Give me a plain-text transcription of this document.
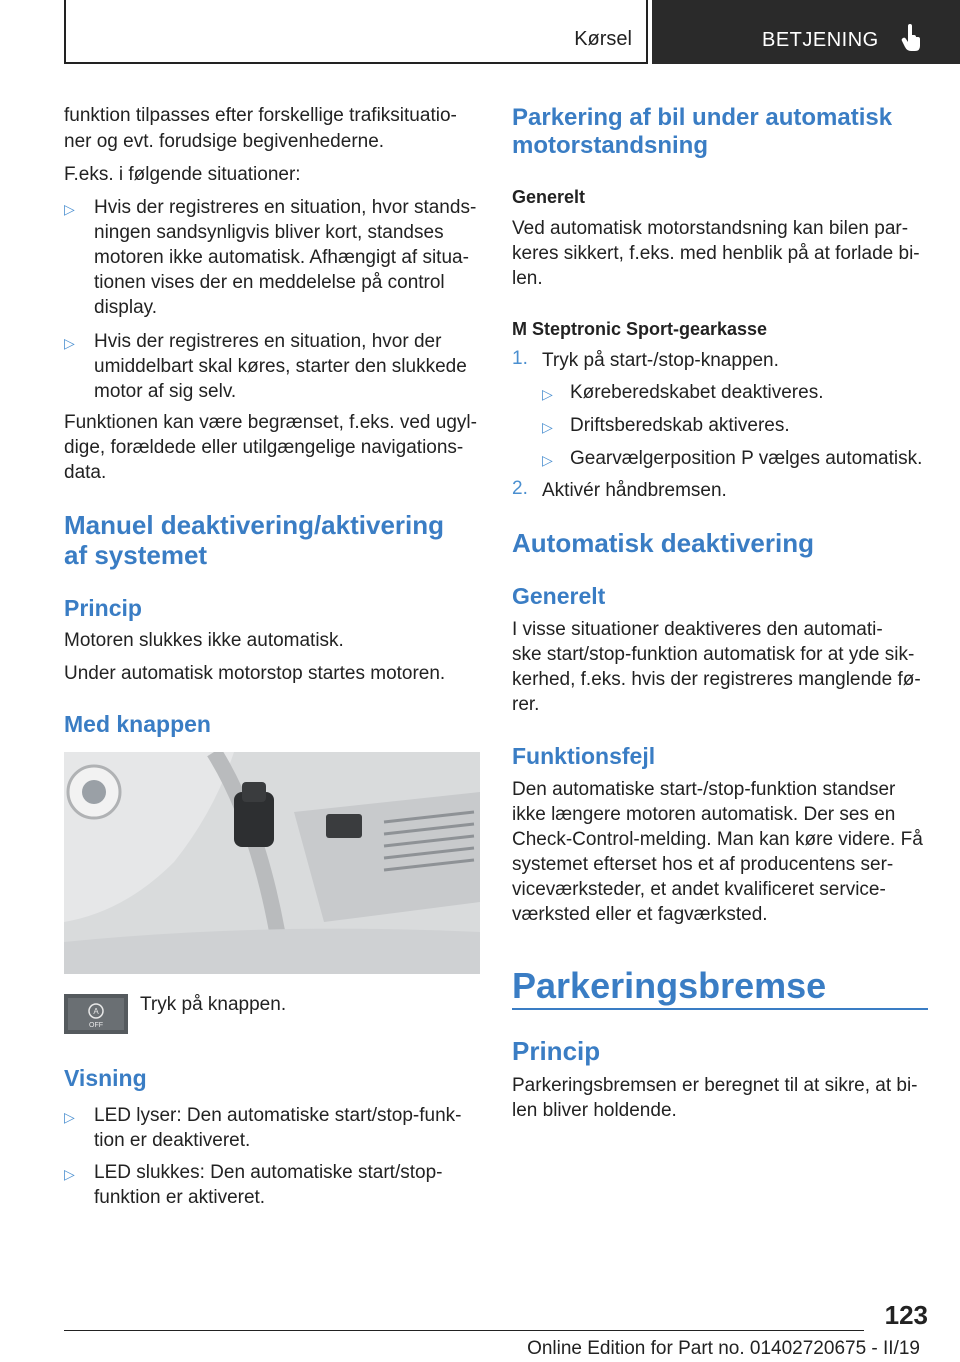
Kørsel	BETJENING

funktion tilpasses efter forskellige trafiksituatio-

ner og evt. forudsige begivenhederne.

F.eks. i følgende situationer:

▷ Hvis der registreres en situation, hvor stands-

ningen sandsynligvis bliver kort, standses

motoren ikke automatisk. Afhængigt af situa-

tionen vises der en meddelelse på control

display.

▷ Hvis der registreres en situation, hvor der

umiddelbart skal køres, starter den slukkede

motor af sig selv.

Funktionen kan være begrænset, f.eks. ved ugyl-

dige, forældede eller utilgængelige navigations-

data.

Manuel deaktivering/aktivering
af systemet
Princip

Motoren slukkes ikke automatisk.

Under automatisk motorstop startes motoren.

Med knappen

Tryk på knappen.

Visning
▷ LED lyser: Den automatiske start/stop-funk-

tion er deaktiveret.

▷ LED slukkes: Den automatiske start/stop-

funktion er aktiveret.

A
OFF
Parkering af bil under automatisk
motorstandsning
Generelt

Ved automatisk motorstandsning kan bilen par-

keres sikkert, f.eks. med henblik på at forlade bi-

len.

M Steptronic Sport-gearkasse
1. Tryk på start-/stop-knappen.

▷ Køreberedskabet deaktiveres.

▷ Driftsberedskab aktiveres.

▷ Gearvælgerposition P vælges automatisk.

2. Aktivér håndbremsen.

Automatisk deaktivering
Generelt

I visse situationer deaktiveres den automati-

ske start/stop-funktion automatisk for at yde sik-

kerhed, f.eks. hvis der registreres manglende fø-

rer.

Funktionsfejl

Den automatiske start-/stop-funktion standser

ikke længere motoren automatisk. Der ses en

Check-Control-melding. Man kan køre videre. Få

systemet efterset hos et af producentens ser-

viceværksteder, et andet kvalificeret service-

værksted eller et fagværksted.

Parkeringsbremse
Princip

Parkeringsbremsen er beregnet til at sikre, at bi-

len bliver holdende.

123
Online Edition for Part no. 01402720675 - II/19
